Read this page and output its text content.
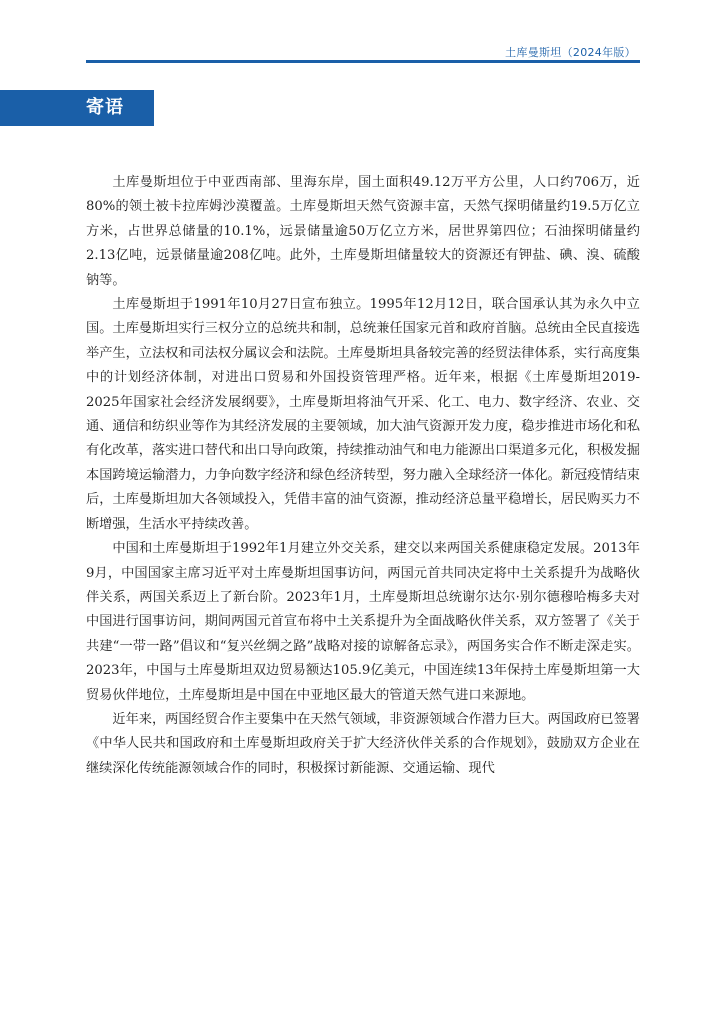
土库曼斯坦（2024年版）
寄语

土库曼斯坦位于中亚西南部、里海东岸，国土面积49.12万平方公里，人口约706万，近80%的领土被卡拉库姆沙漠覆盖。土库曼斯坦天然气资源丰富，天然气探明储量约19.5万亿立方米，占世界总储量的10.1%，远景储量逾50万亿立方米，居世界第四位；石油探明储量约2.13亿吨，远景储量逾208亿吨。此外，土库曼斯坦储量较大的资源还有钾盐、碘、溴、硫酸钠等。

土库曼斯坦于1991年10月27日宣布独立。1995年12月12日，联合国承认其为永久中立国。土库曼斯坦实行三权分立的总统共和制，总统兼任国家元首和政府首脑。总统由全民直接选举产生，立法权和司法权分属议会和法院。土库曼斯坦具备较完善的经贸法律体系，实行高度集中的计划经济体制，对进出口贸易和外国投资管理严格。近年来，根据《土库曼斯坦2019-2025年国家社会经济发展纲要》，土库曼斯坦将油气开采、化工、电力、数字经济、农业、交通、通信和纺织业等作为其经济发展的主要领域，加大油气资源开发力度，稳步推进市场化和私有化改革，落实进口替代和出口导向政策，持续推动油气和电力能源出口渠道多元化，积极发掘本国跨境运输潜力，力争向数字经济和绿色经济转型，努力融入全球经济一体化。新冠疫情结束后，土库曼斯坦加大各领域投入，凭借丰富的油气资源，推动经济总量平稳增长，居民购买力不断增强，生活水平持续改善。

中国和土库曼斯坦于1992年1月建立外交关系，建交以来两国关系健康稳定发展。2013年9月，中国国家主席习近平对土库曼斯坦国事访问，两国元首共同决定将中土关系提升为战略伙伴关系，两国关系迈上了新台阶。2023年1月，土库曼斯坦总统谢尔达尔·别尔德穆哈梅多夫对中国进行国事访问，期间两国元首宣布将中土关系提升为全面战略伙伴关系，双方签署了《关于共建“一带一路”倡议和“复兴丝绸之路”战略对接的谅解备忘录》，两国务实合作不断走深走实。2023年，中国与土库曼斯坦双边贸易额达105.9亿美元，中国连续13年保持土库曼斯坦第一大贸易伙伴地位，土库曼斯坦是中国在中亚地区最大的管道天然气进口来源地。

近年来，两国经贸合作主要集中在天然气领域，非资源领域合作潜力巨大。两国政府已签署《中华人民共和国政府和土库曼斯坦政府关于扩大经济伙伴关系的合作规划》，鼓励双方企业在继续深化传统能源领域合作的同时，积极探讨新能源、交通运输、现代
